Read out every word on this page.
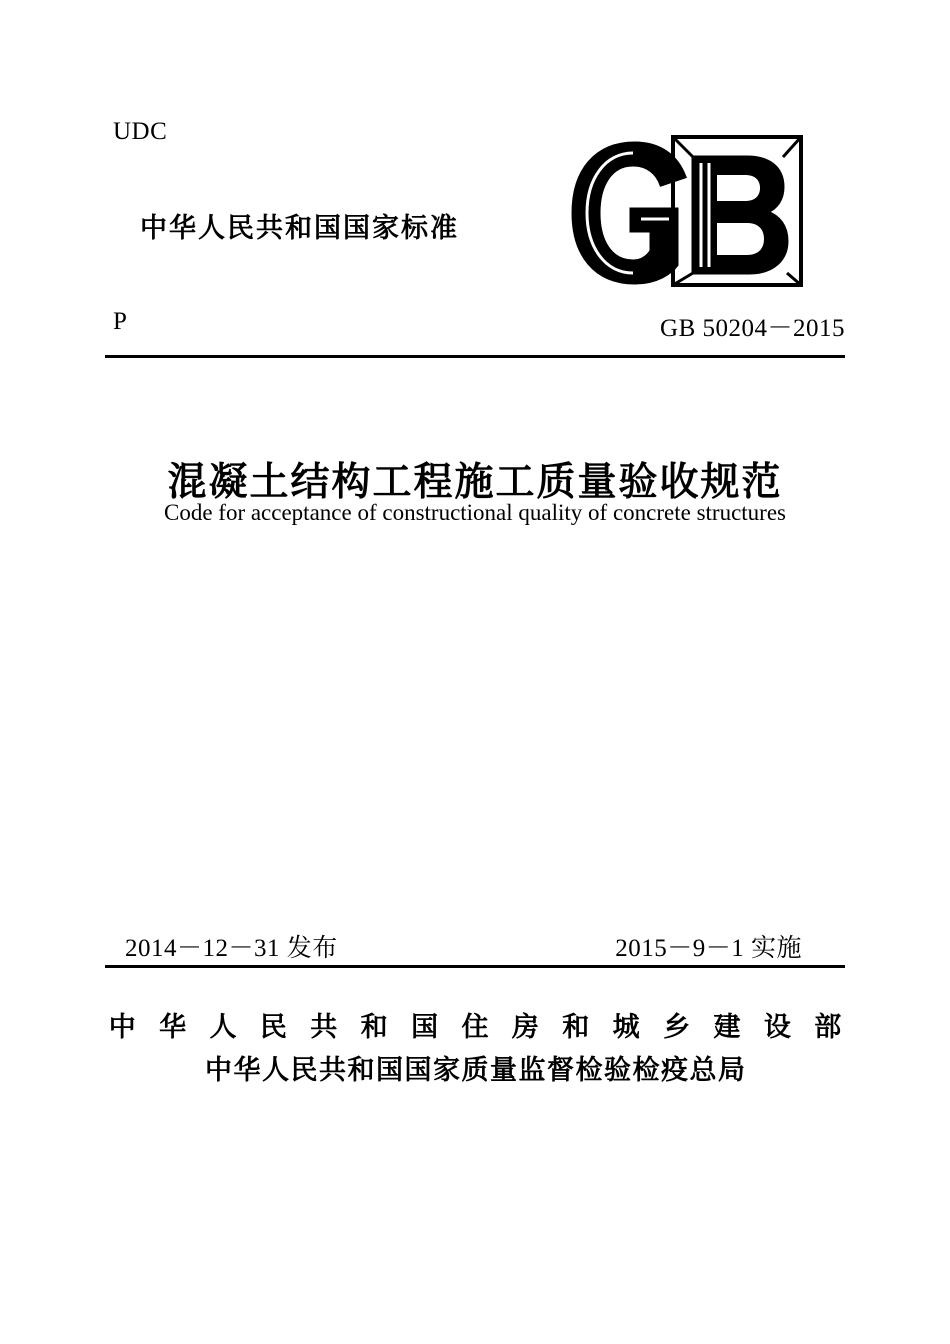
UDC
中华人民共和国国家标准
P	GB 50204－2015
混凝土结构工程施工质量验收规范
Code for acceptance of constructional quality of concrete structures
2014－12－31 发布	2015－9－1 实施
中 华 人 民 共 和 国 住 房 和 城 乡 建 设 部
中华人民共和国国家质量监督检验检疫总局
